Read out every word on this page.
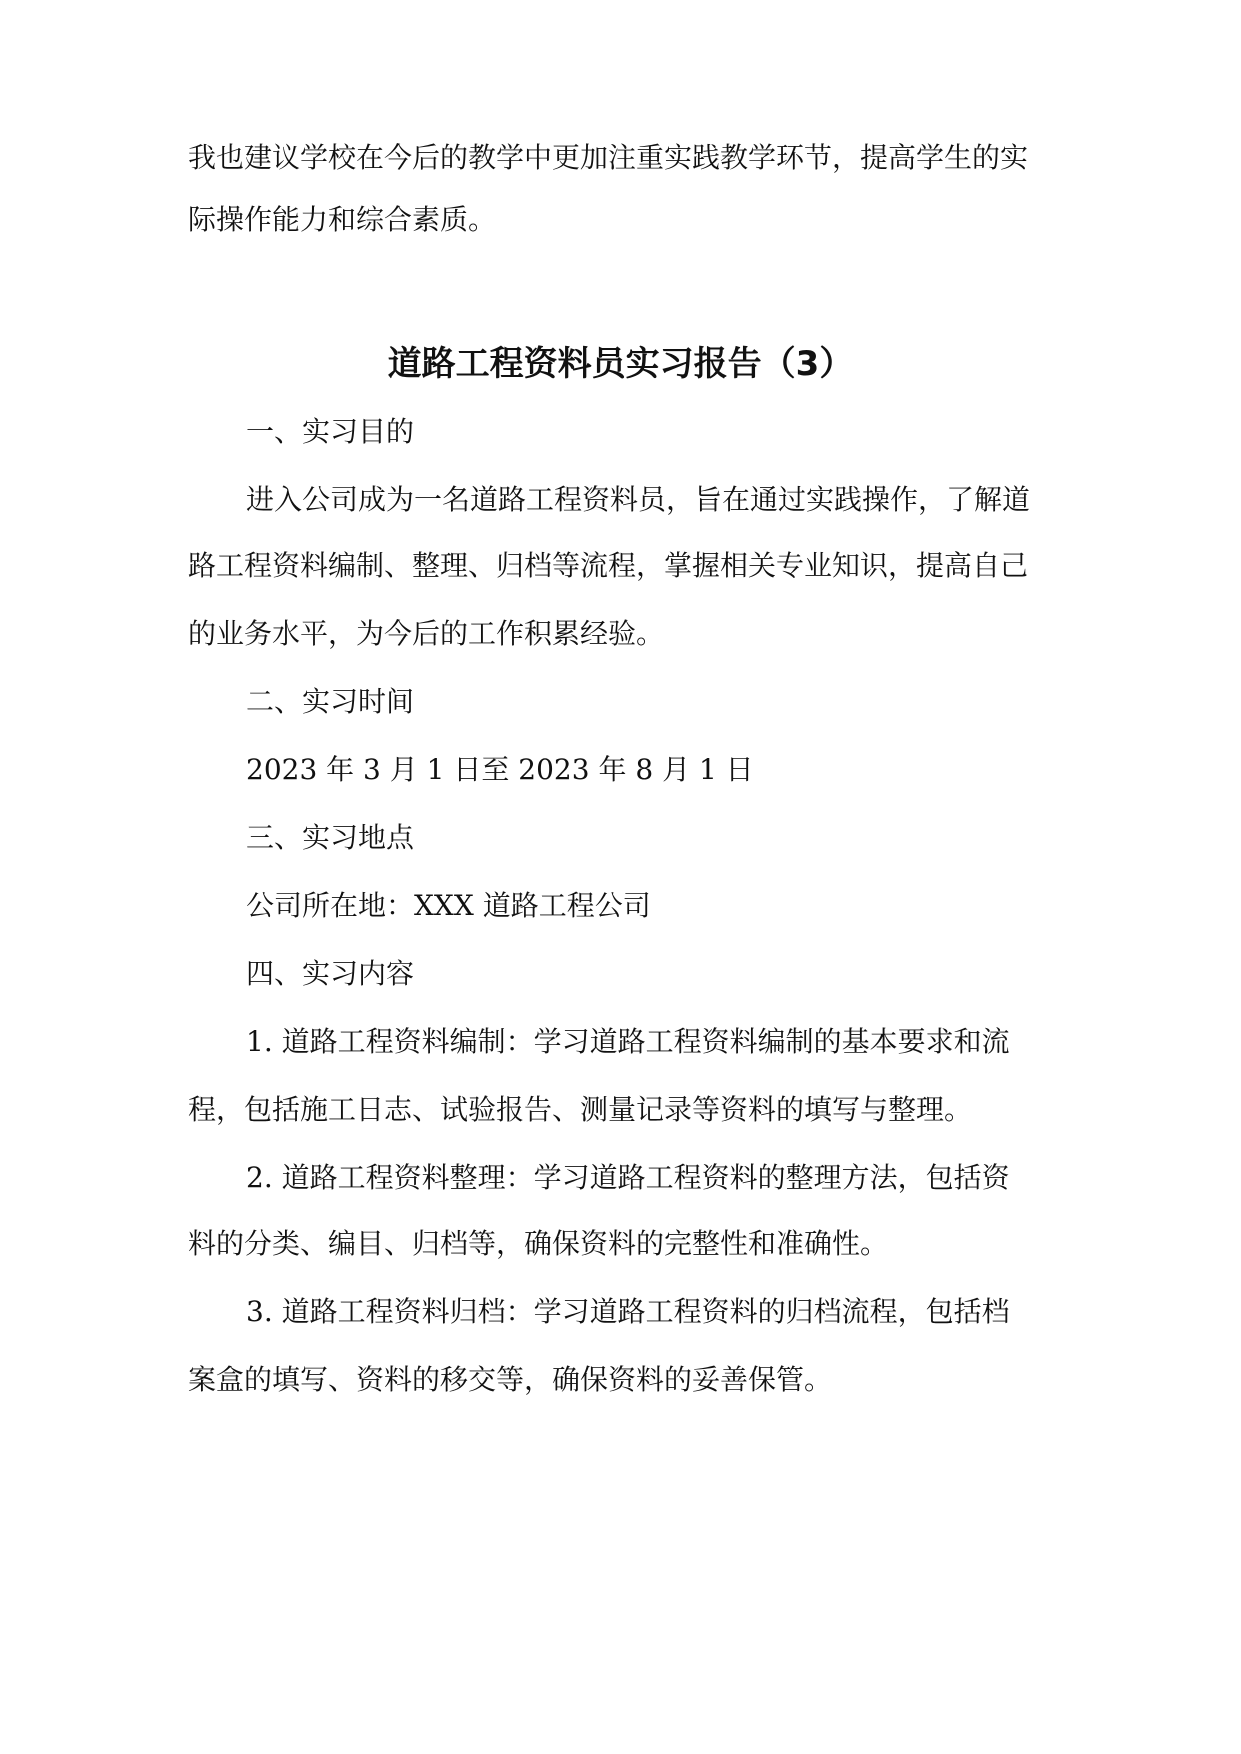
我也建议学校在今后的教学中更加注重实践教学环节，提高学生的实

际操作能力和综合素质。

道路工程资料员实习报告（3）

一、实习目的

进入公司成为一名道路工程资料员，旨在通过实践操作，了解道

路工程资料编制、整理、归档等流程，掌握相关专业知识，提高自己

的业务水平，为今后的工作积累经验。

二、实习时间

2023 年 3 月 1 日至 2023 年 8 月 1 日

三、实习地点

公司所在地：XXX 道路工程公司

四、实习内容

1. 道路工程资料编制：学习道路工程资料编制的基本要求和流

程，包括施工日志、试验报告、测量记录等资料的填写与整理。

2. 道路工程资料整理：学习道路工程资料的整理方法，包括资

料的分类、编目、归档等，确保资料的完整性和准确性。

3. 道路工程资料归档：学习道路工程资料的归档流程，包括档

案盒的填写、资料的移交等，确保资料的妥善保管。
